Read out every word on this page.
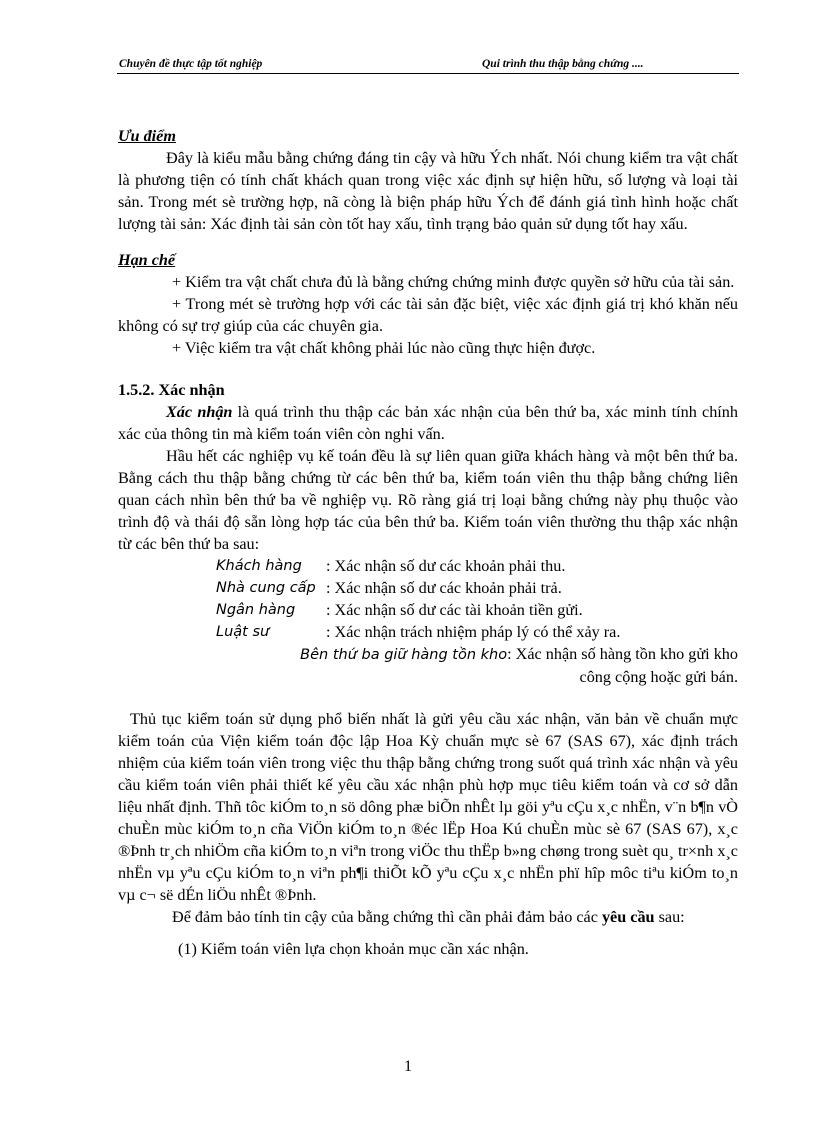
Chuyên đề thực tập tốt nghiệp	Qui trình thu thập bằng chứng ....

Ưu điểm

Đây là kiểu mẫu bằng chứng đáng tin cậy và hữu Ých nhất. Nói chung kiểm tra vật chất là phương tiện có tính chất khách quan trong việc xác định sự hiện hữu, số lượng và loại tài sản. Trong mét sè trường hợp, nã còng là biện pháp hữu Ých để đánh giá tình hình hoặc chất lượng tài sản: Xác định tài sản còn tốt hay xấu, tình trạng bảo quản sử dụng tốt hay xấu.

Hạn chế

+ Kiểm tra vật chất chưa đủ là bằng chứng chứng minh được quyền sở hữu của tài sản.

+ Trong mét sè trường hợp với các tài sản đặc biệt, việc xác định giá trị khó khăn nếu không có sự trợ giúp của các chuyên gia.

+ Việc kiểm tra vật chất không phải lúc nào cũng thực hiện được.

1.5.2. Xác nhận

Xác nhận là quá trình thu thập các bản xác nhận của bên thứ ba, xác minh tính chính xác của thông tin mà kiểm toán viên còn nghi vấn.

Hầu hết các nghiệp vụ kế toán đều là sự liên quan giữa khách hàng và một bên thứ ba. Bằng cách thu thập bằng chứng từ các bên thứ ba, kiểm toán viên thu thập bằng chứng liên quan cách nhìn bên thứ ba về nghiệp vụ. Rõ ràng giá trị loại bằng chứng này phụ thuộc vào trình độ và thái độ sẵn lòng hợp tác của bên thứ ba. Kiểm toán viên thường thu thập xác nhận từ các bên thứ ba sau:

Khách hàng	: Xác nhận số dư các khoản phải thu.
Nhà cung cấp : Xác nhận số dư các khoản phải trả.
Ngân hàng	: Xác nhận số dư các tài khoản tiền gửi.
Luật sư	: Xác nhận trách nhiệm pháp lý có thể xảy ra.

Bên thứ ba giữ hàng tồn kho: Xác nhận số hàng tồn kho gửi kho

công cộng hoặc gửi bán.

Thủ tục kiểm toán sử dụng phổ biến nhất là gửi yêu cầu xác nhận, văn bản về chuẩn mực kiểm toán của Viện kiểm toán độc lập Hoa Kỳ chuẩn mực sè 67 (SAS 67), xác định trách nhiệm của kiểm toán viên trong việc thu thập bằng chứng trong suốt quá trình xác nhận và yêu cầu kiểm toán viên phải thiết kế yêu cầu xác nhận phù hợp mục tiêu kiểm toán và cơ sở dẫn liệu nhất định. Thñ tôc kiÓm to¸n sö dông phæ biÕn nhÊt lµ göi yªu cÇu x¸c nhËn, v¨n b¶n vÒ chuÈn mùc kiÓm to¸n cña ViÖn kiÓm to¸n ®éc lËp Hoa Kú chuÈn mùc sè 67 (SAS 67), x¸c ®Þnh tr¸ch nhiÖm cña kiÓm to¸n viªn trong viÖc thu thËp b»ng chøng trong suèt qu¸ tr×nh x¸c nhËn vµ yªu cÇu kiÓm to¸n viªn ph¶i thiÕt kÕ yªu cÇu x¸c nhËn phï hîp môc tiªu kiÓm to¸n vµ c¬ së dÉn liÖu nhÊt ®Þnh.

Để đảm bảo tính tin cậy của bằng chứng thì cần phải đảm bảo các yêu cầu sau:

(1) Kiểm toán viên lựa chọn khoản mục cần xác nhận.

1
